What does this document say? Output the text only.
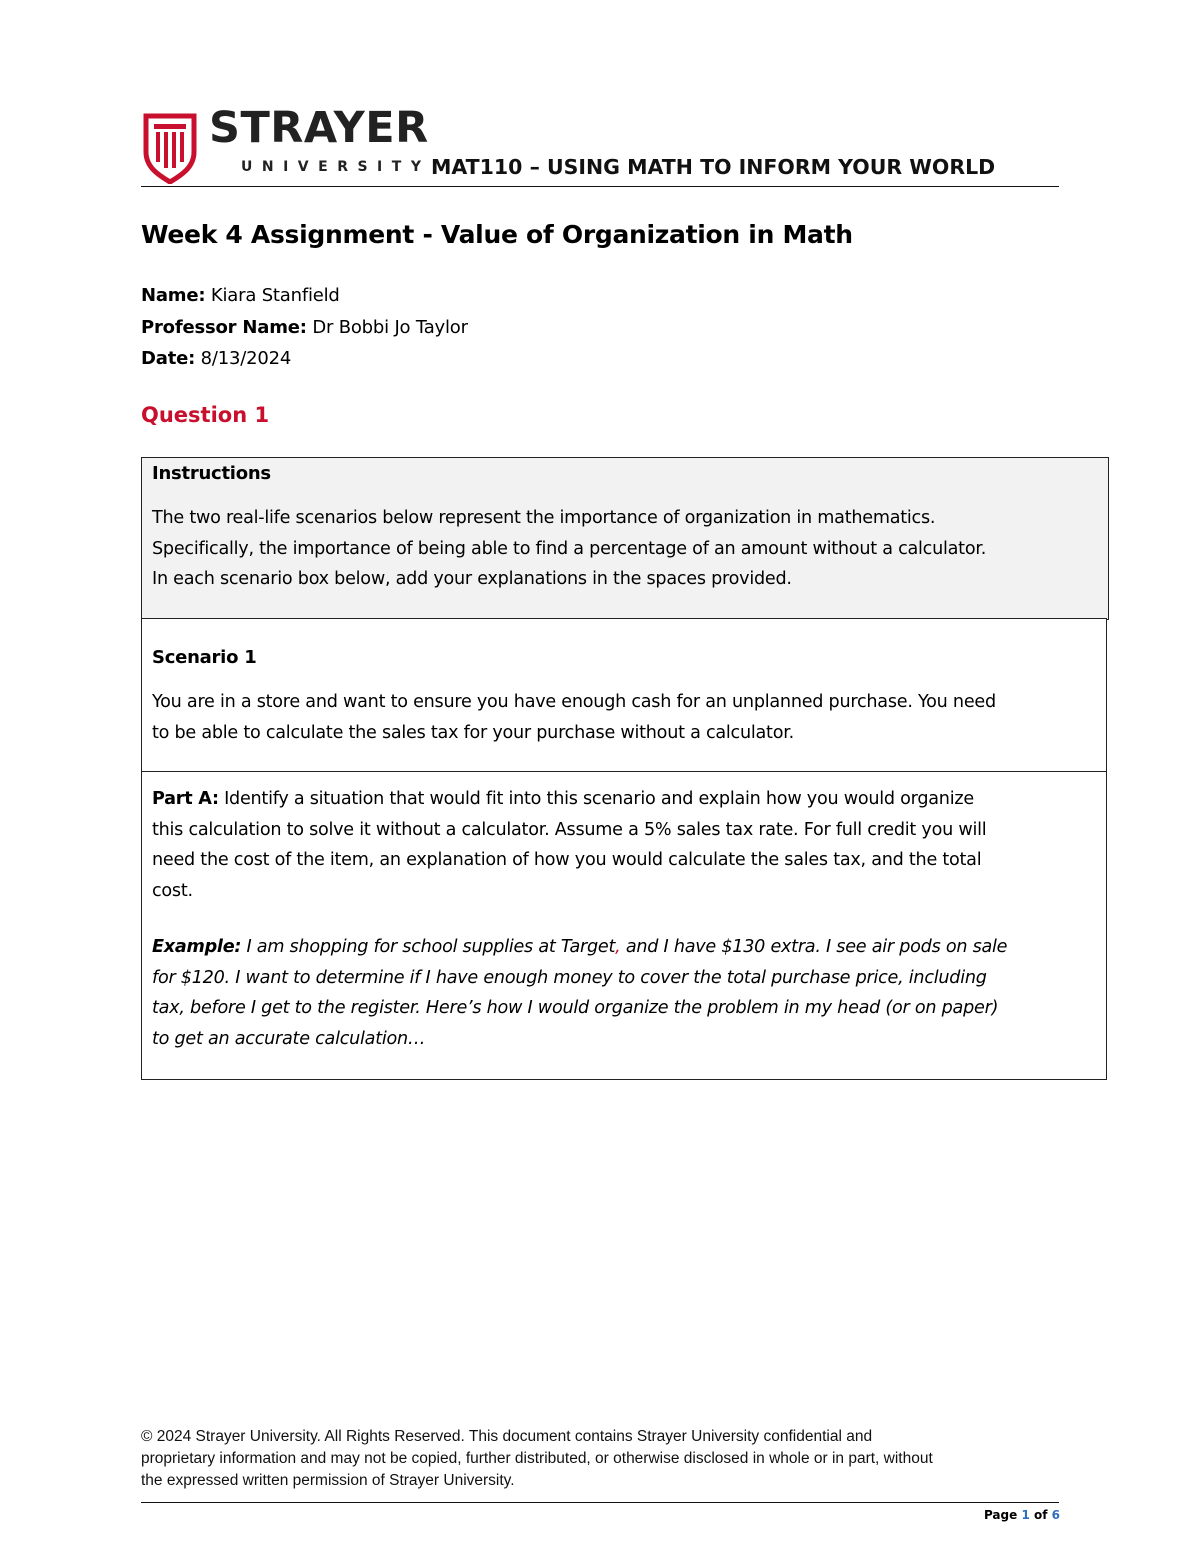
STRAYER
UNIVERSITY MAT110 – USING MATH TO INFORM YOUR WORLD
Week 4 Assignment - Value of Organization in Math
Name: Kiara Stanfield
Professor Name: Dr Bobbi Jo Taylor
Date: 8/13/2024
Question 1
Instructions

The two real-life scenarios below represent the importance of organization in mathematics.

Specifically, the importance of being able to find a percentage of an amount without a calculator.

In each scenario box below, add your explanations in the spaces provided.

Scenario 1

You are in a store and want to ensure you have enough cash for an unplanned purchase. You need

to be able to calculate the sales tax for your purchase without a calculator.

Part A: Identify a situation that would fit into this scenario and explain how you would organize

this calculation to solve it without a calculator. Assume a 5% sales tax rate. For full credit you will

need the cost of the item, an explanation of how you would calculate the sales tax, and the total

cost.

Example: I am shopping for school supplies at Target, and I have $130 extra. I see air pods on sale

for $120. I want to determine if I have enough money to cover the total purchase price, including

tax, before I get to the register. Here’s how I would organize the problem in my head (or on paper)

to get an accurate calculation…

© 2024 Strayer University. All Rights Reserved. This document contains Strayer University confidential and
proprietary information and may not be copied, further distributed, or otherwise disclosed in whole or in part, without
the expressed written permission of Strayer University.
Page 1 of 6
